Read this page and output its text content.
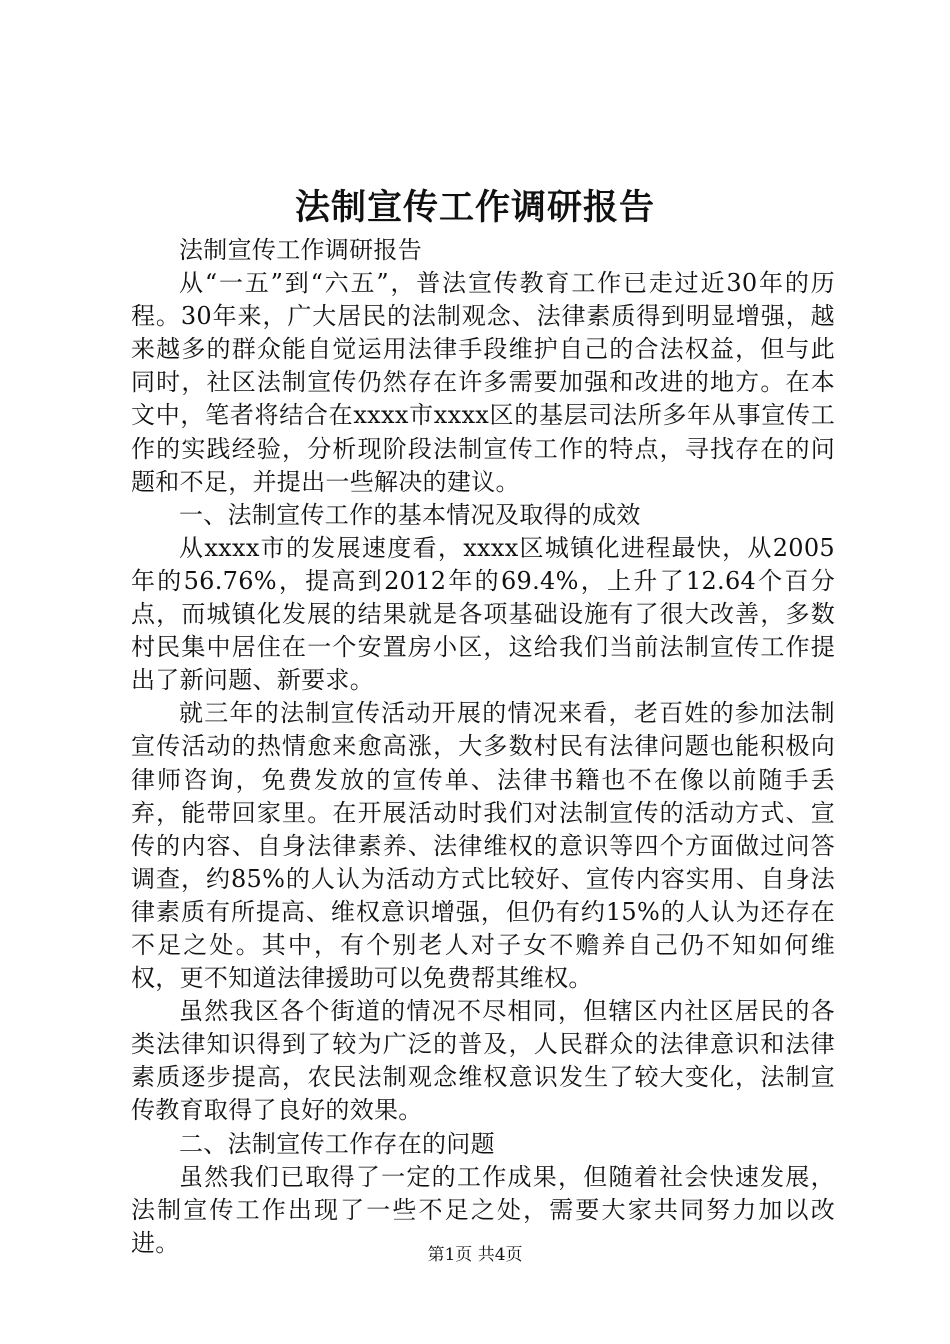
法制宣传工作调研报告

法制宣传工作调研报告

从“一五”到“六五”，普法宣传教育工作已走过近30年的历程。30年来，广大居民的法制观念、法律素质得到明显增强，越来越多的群众能自觉运用法律手段维护自己的合法权益，但与此同时，社区法制宣传仍然存在许多需要加强和改进的地方。在本文中，笔者将结合在xxxx市xxxx区的基层司法所多年从事宣传工作的实践经验，分析现阶段法制宣传工作的特点，寻找存在的问题和不足，并提出一些解决的建议。

一、法制宣传工作的基本情况及取得的成效

从xxxx市的发展速度看，xxxx区城镇化进程最快，从2005年的56.76%，提高到2012年的69.4%，上升了12.64个百分点，而城镇化发展的结果就是各项基础设施有了很大改善，多数村民集中居住在一个安置房小区，这给我们当前法制宣传工作提出了新问题、新要求。

就三年的法制宣传活动开展的情况来看，老百姓的参加法制宣传活动的热情愈来愈高涨，大多数村民有法律问题也能积极向律师咨询，免费发放的宣传单、法律书籍也不在像以前随手丢弃，能带回家里。在开展活动时我们对法制宣传的活动方式、宣传的内容、自身法律素养、法律维权的意识等四个方面做过问答调查，约85%的人认为活动方式比较好、宣传内容实用、自身法律素质有所提高、维权意识增强，但仍有约15%的人认为还存在不足之处。其中，有个别老人对子女不赡养自己仍不知如何维权，更不知道法律援助可以免费帮其维权。

虽然我区各个街道的情况不尽相同，但辖区内社区居民的各类法律知识得到了较为广泛的普及，人民群众的法律意识和法律素质逐步提高，农民法制观念维权意识发生了较大变化，法制宣传教育取得了良好的效果。

二、法制宣传工作存在的问题

虽然我们已取得了一定的工作成果，但随着社会快速发展，法制宣传工作出现了一些不足之处，需要大家共同努力加以改进。	第1页 共4页
